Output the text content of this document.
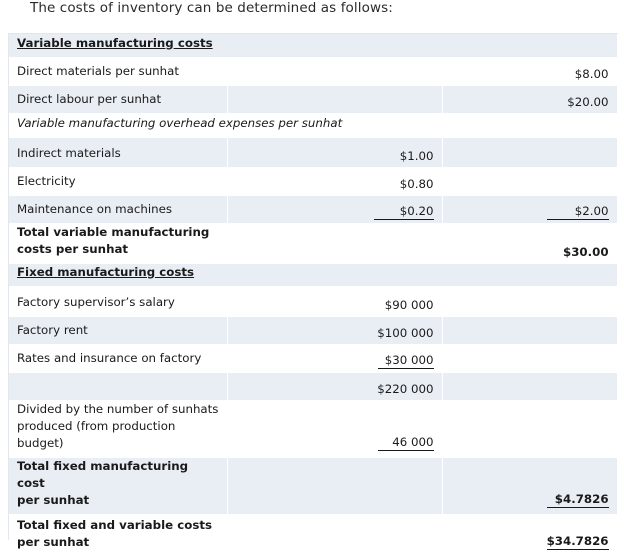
The costs of inventory can be determined as follows:
Variable manufacturing costs		
Direct materials per sunhat		$8.00
Direct labour per sunhat		$20.00
Variable manufacturing overhead expenses per sunhat		
Indirect materials	$1.00	
Electricity	$0.80	
Maintenance on machines	$0.20	$2.00
Total variable manufacturing
costs per sunhat		$30.00
Fixed manufacturing costs		
Factory supervisor’s salary	$90 000	
Factory rent	$100 000	
Rates and insurance on factory	$30 000	
	$220 000	
Divided by the number of sunhats
produced (from production budget)	46 000	
Total fixed manufacturing cost
per sunhat		$4.7826
Total fixed and variable costs
per sunhat		$34.7826
